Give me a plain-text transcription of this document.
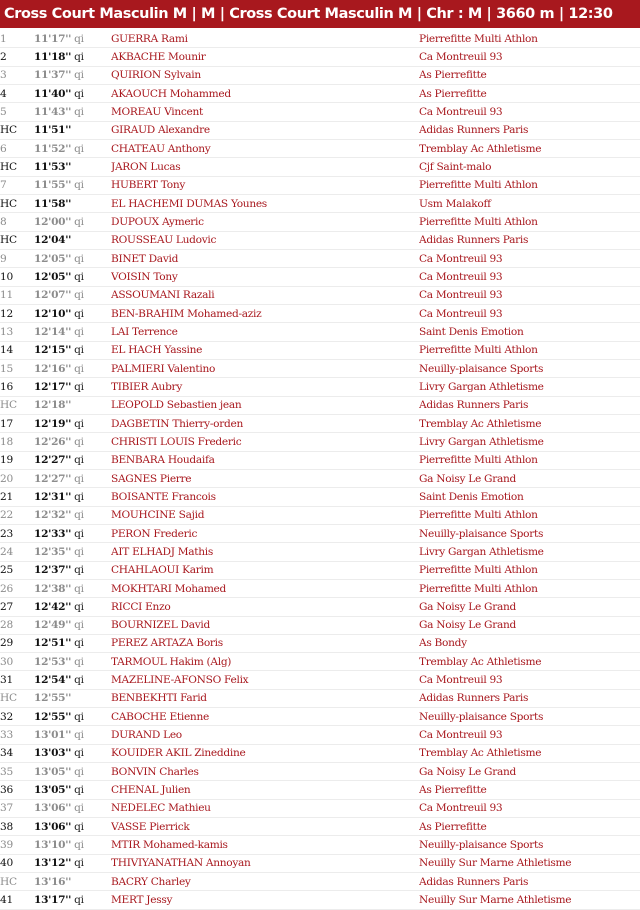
Cross Court Masculin M | M | Cross Court Masculin M | Chr : M | 3660 m | 12:30
1	11'17'' qi	GUERRA Rami	Pierrefitte Multi Athlon
2	11'18'' qi	AKBACHE Mounir	Ca Montreuil 93
3	11'37'' qi	QUIRION Sylvain	As Pierrefitte
4	11'40'' qi	AKAOUCH Mohammed	As Pierrefitte
5	11'43'' qi	MOREAU Vincent	Ca Montreuil 93
HC	11'51''	GIRAUD Alexandre	Adidas Runners Paris
6	11'52'' qi	CHATEAU Anthony	Tremblay Ac Athletisme
HC	11'53''	JARON Lucas	Cjf Saint-malo
7	11'55'' qi	HUBERT Tony	Pierrefitte Multi Athlon
HC	11'58''	EL HACHEMI DUMAS Younes	Usm Malakoff
8	12'00'' qi	DUPOUX Aymeric	Pierrefitte Multi Athlon
HC	12'04''	ROUSSEAU Ludovic	Adidas Runners Paris
9	12'05'' qi	BINET David	Ca Montreuil 93
10	12'05'' qi	VOISIN Tony	Ca Montreuil 93
11	12'07'' qi	ASSOUMANI Razali	Ca Montreuil 93
12	12'10'' qi	BEN-BRAHIM Mohamed-aziz	Ca Montreuil 93
13	12'14'' qi	LAI Terrence	Saint Denis Emotion
14	12'15'' qi	EL HACH Yassine	Pierrefitte Multi Athlon
15	12'16'' qi	PALMIERI Valentino	Neuilly-plaisance Sports
16	12'17'' qi	TIBIER Aubry	Livry Gargan Athletisme
HC	12'18''	LEOPOLD Sebastien jean	Adidas Runners Paris
17	12'19'' qi	DAGBETIN Thierry-orden	Tremblay Ac Athletisme
18	12'26'' qi	CHRISTI LOUIS Frederic	Livry Gargan Athletisme
19	12'27'' qi	BENBARA Houdaifa	Pierrefitte Multi Athlon
20	12'27'' qi	SAGNES Pierre	Ga Noisy Le Grand
21	12'31'' qi	BOISANTE Francois	Saint Denis Emotion
22	12'32'' qi	MOUHCINE Sajid	Pierrefitte Multi Athlon
23	12'33'' qi	PERON Frederic	Neuilly-plaisance Sports
24	12'35'' qi	AIT ELHADJ Mathis	Livry Gargan Athletisme
25	12'37'' qi	CHAHLAOUI Karim	Pierrefitte Multi Athlon
26	12'38'' qi	MOKHTARI Mohamed	Pierrefitte Multi Athlon
27	12'42'' qi	RICCI Enzo	Ga Noisy Le Grand
28	12'49'' qi	BOURNIZEL David	Ga Noisy Le Grand
29	12'51'' qi	PEREZ ARTAZA Boris	As Bondy
30	12'53'' qi	TARMOUL Hakim (Alg)	Tremblay Ac Athletisme
31	12'54'' qi	MAZELINE-AFONSO Felix	Ca Montreuil 93
HC	12'55''	BENBEKHTI Farid	Adidas Runners Paris
32	12'55'' qi	CABOCHE Etienne	Neuilly-plaisance Sports
33	13'01'' qi	DURAND Leo	Ca Montreuil 93
34	13'03'' qi	KOUIDER AKIL Zineddine	Tremblay Ac Athletisme
35	13'05'' qi	BONVIN Charles	Ga Noisy Le Grand
36	13'05'' qi	CHENAL Julien	As Pierrefitte
37	13'06'' qi	NEDELEC Mathieu	Ca Montreuil 93
38	13'06'' qi	VASSE Pierrick	As Pierrefitte
39	13'10'' qi	MTIR Mohamed-kamis	Neuilly-plaisance Sports
40	13'12'' qi	THIVIYANATHAN Annoyan	Neuilly Sur Marne Athletisme
HC	13'16''	BACRY Charley	Adidas Runners Paris
41	13'17'' qi	MERT Jessy	Neuilly Sur Marne Athletisme
